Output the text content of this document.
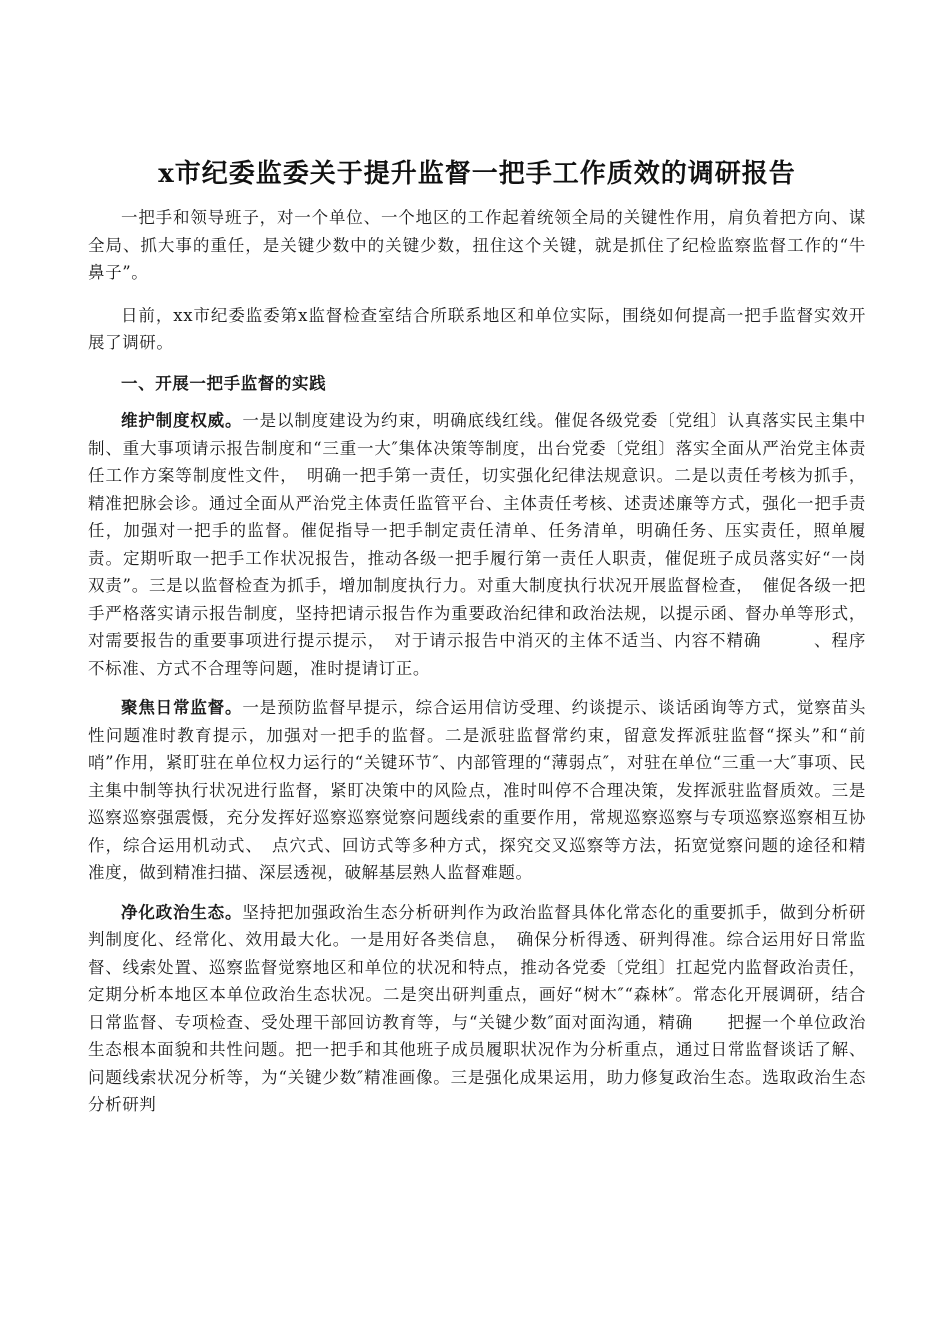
x市纪委监委关于提升监督一把手工作质效的调研报告

一把手和领导班子，对一个单位、一个地区的工作起着统领全局的关键性作用，肩负着把方向、谋全局、抓大事的重任，是关键少数中的关键少数，扭住这个关键，就是抓住了纪检监察监督工作的“牛鼻子”。

日前，xx市纪委监委第x监督检查室结合所联系地区和单位实际，围绕如何提高一把手监督实效开展了调研。

一、开展一把手监督的实践

维护制度权威。一是以制度建设为约束，明确底线红线。催促各级党委〔党组〕认真落实民主集中制、重大事项请示报告制度和“三重一大″集体决策等制度，出台党委〔党组〕落实全面从严治党主体责任工作方案等制度性文件，　明确一把手第一责任，切实强化纪律法规意识。二是以责任考核为抓手，精准把脉会诊。通过全面从严治党主体责任监管平台、主体责任考核、述责述廉等方式，强化一把手责任，加强对一把手的监督。催促指导一把手制定责任清单、任务清单，明确任务、压实责任，照单履责。定期听取一把手工作状况报告，推动各级一把手履行第一责任人职责，催促班子成员落实好“一岗双责”。三是以监督检查为抓手，增加制度执行力。对重大制度执行状况开展监督检查，　催促各级一把手严格落实请示报告制度，坚持把请示报告作为重要政治纪律和政治法规，以提示函、督办单等形式，对需要报告的重要事项进行提示提示，　对于请示报告中消灭的主体不适当、内容不精确　　　、程序不标准、方式不合理等问题，准时提请订正。

聚焦日常监督。一是预防监督早提示，综合运用信访受理、约谈提示、谈话函询等方式，觉察苗头性问题准时教育提示，加强对一把手的监督。二是派驻监督常约束，留意发挥派驻监督“探头”和“前哨”作用，紧盯驻在单位权力运行的“关键环节″、内部管理的“薄弱点″，对驻在单位“三重一大″事项、民主集中制等执行状况进行监督，紧盯决策中的风险点，准时叫停不合理决策，发挥派驻监督质效。三是巡察巡察强震慑，充分发挥好巡察巡察觉察问题线索的重要作用，常规巡察巡察与专项巡察巡察相互协作，综合运用机动式、　点穴式、回访式等多种方式，探究交叉巡察等方法，拓宽觉察问题的途径和精准度，做到精准扫描、深层透视，破解基层熟人监督难题。

净化政治生态。坚持把加强政治生态分析研判作为政治监督具体化常态化的重要抓手，做到分析研判制度化、经常化、效用最大化。一是用好各类信息，　确保分析得透、研判得准。综合运用好日常监督、线索处置、巡察监督觉察地区和单位的状况和特点，推动各党委〔党组〕扛起党内监督政治责任，定期分析本地区本单位政治生态状况。二是突出研判重点，画好“树木″“森林″。常态化开展调研，结合日常监督、专项检查、受处理干部回访教育等，与“关键少数″面对面沟通，精确　　把握一个单位政治生态根本面貌和共性问题。把一把手和其他班子成员履职状况作为分析重点，通过日常监督谈话了解、问题线索状况分析等，为“关键少数″精准画像。三是强化成果运用，助力修复政治生态。选取政治生态分析研判
